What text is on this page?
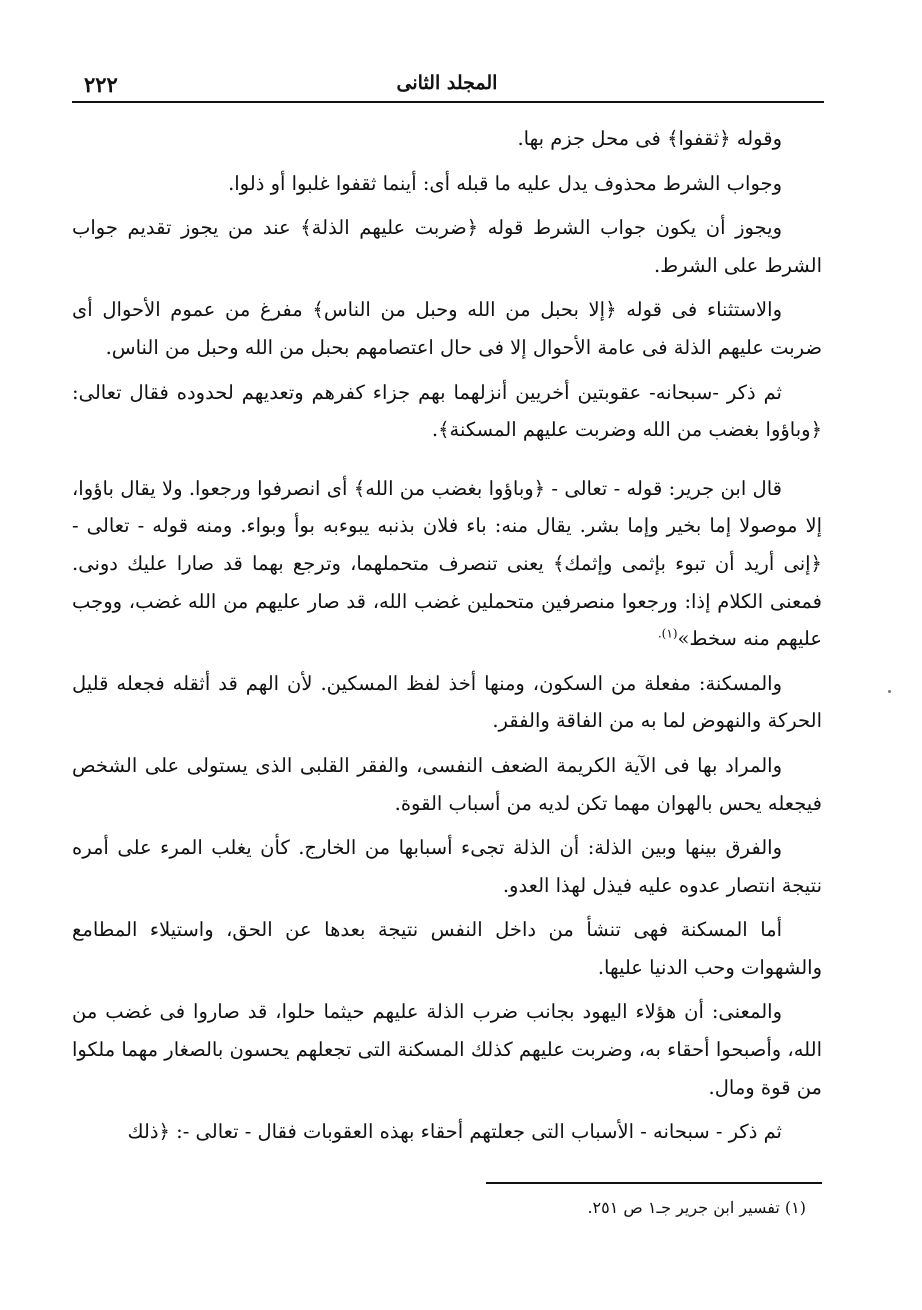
٢٢٢	المجلد الثانى

وقوله ﴿ثقفوا﴾ فى محل جزم بها.

وجواب الشرط محذوف يدل عليه ما قبله أى: أينما ثقفوا غلبوا أو ذلوا.

ويجوز أن يكون جواب الشرط قوله ﴿ضربت عليهم الذلة﴾ عند من يجوز تقديم جواب الشرط على الشرط.

والاستثناء فى قوله ﴿إلا بحبل من الله وحبل من الناس﴾ مفرغ من عموم الأحوال أى ضربت عليهم الذلة فى عامة الأحوال إلا فى حال اعتصامهم بحبل من الله وحبل من الناس.

ثم ذكر -سبحانه- عقوبتين أخريين أنزلهما بهم جزاء كفرهم وتعديهم لحدوده فقال تعالى: ﴿وباؤوا بغضب من الله وضربت عليهم المسكنة﴾.

قال ابن جرير: قوله - تعالى - ﴿وباؤوا بغضب من الله﴾ أى انصرفوا ورجعوا. ولا يقال باؤوا، إلا موصولا إما بخير وإما بشر. يقال منه: باء فلان بذنبه يبوءبه بوأ وبواء. ومنه قوله - تعالى - ﴿إنى أريد أن تبوء بإثمى وإثمك﴾ يعنى تنصرف متحملهما، وترجع بهما قد صارا عليك دونى. فمعنى الكلام إذا: ورجعوا منصرفين متحملين غضب الله، قد صار عليهم من الله غضب، ووجب عليهم منه سخط»$^{(١).}$

والمسكنة: مفعلة من السكون، ومنها أخذ لفظ المسكين. لأن الهم قد أثقله فجعله قليل الحركة والنهوض لما به من الفاقة والفقر.

والمراد بها فى الآية الكريمة الضعف النفسى، والفقر القلبى الذى يستولى على الشخص فيجعله يحس بالهوان مهما تكن لديه من أسباب القوة.

والفرق بينها وبين الذلة: أن الذلة تجىء أسبابها من الخارج. كأن يغلب المرء على أمره نتيجة انتصار عدوه عليه فيذل لهذا العدو.

أما المسكنة فهى تنشأ من داخل النفس نتيجة بعدها عن الحق، واستيلاء المطامع والشهوات وحب الدنيا عليها.

والمعنى: أن هؤلاء اليهود بجانب ضرب الذلة عليهم حيثما حلوا، قد صاروا فى غضب من الله، وأصبحوا أحقاء به، وضربت عليهم كذلك المسكنة التى تجعلهم يحسون بالصغار مهما ملكوا من قوة ومال.

ثم ذكر - سبحانه - الأسباب التى جعلتهم أحقاء بهذه العقوبات فقال - تعالى -: ﴿ذلك

(١) تفسير ابن جرير جـ١ ص ٢٥١.
